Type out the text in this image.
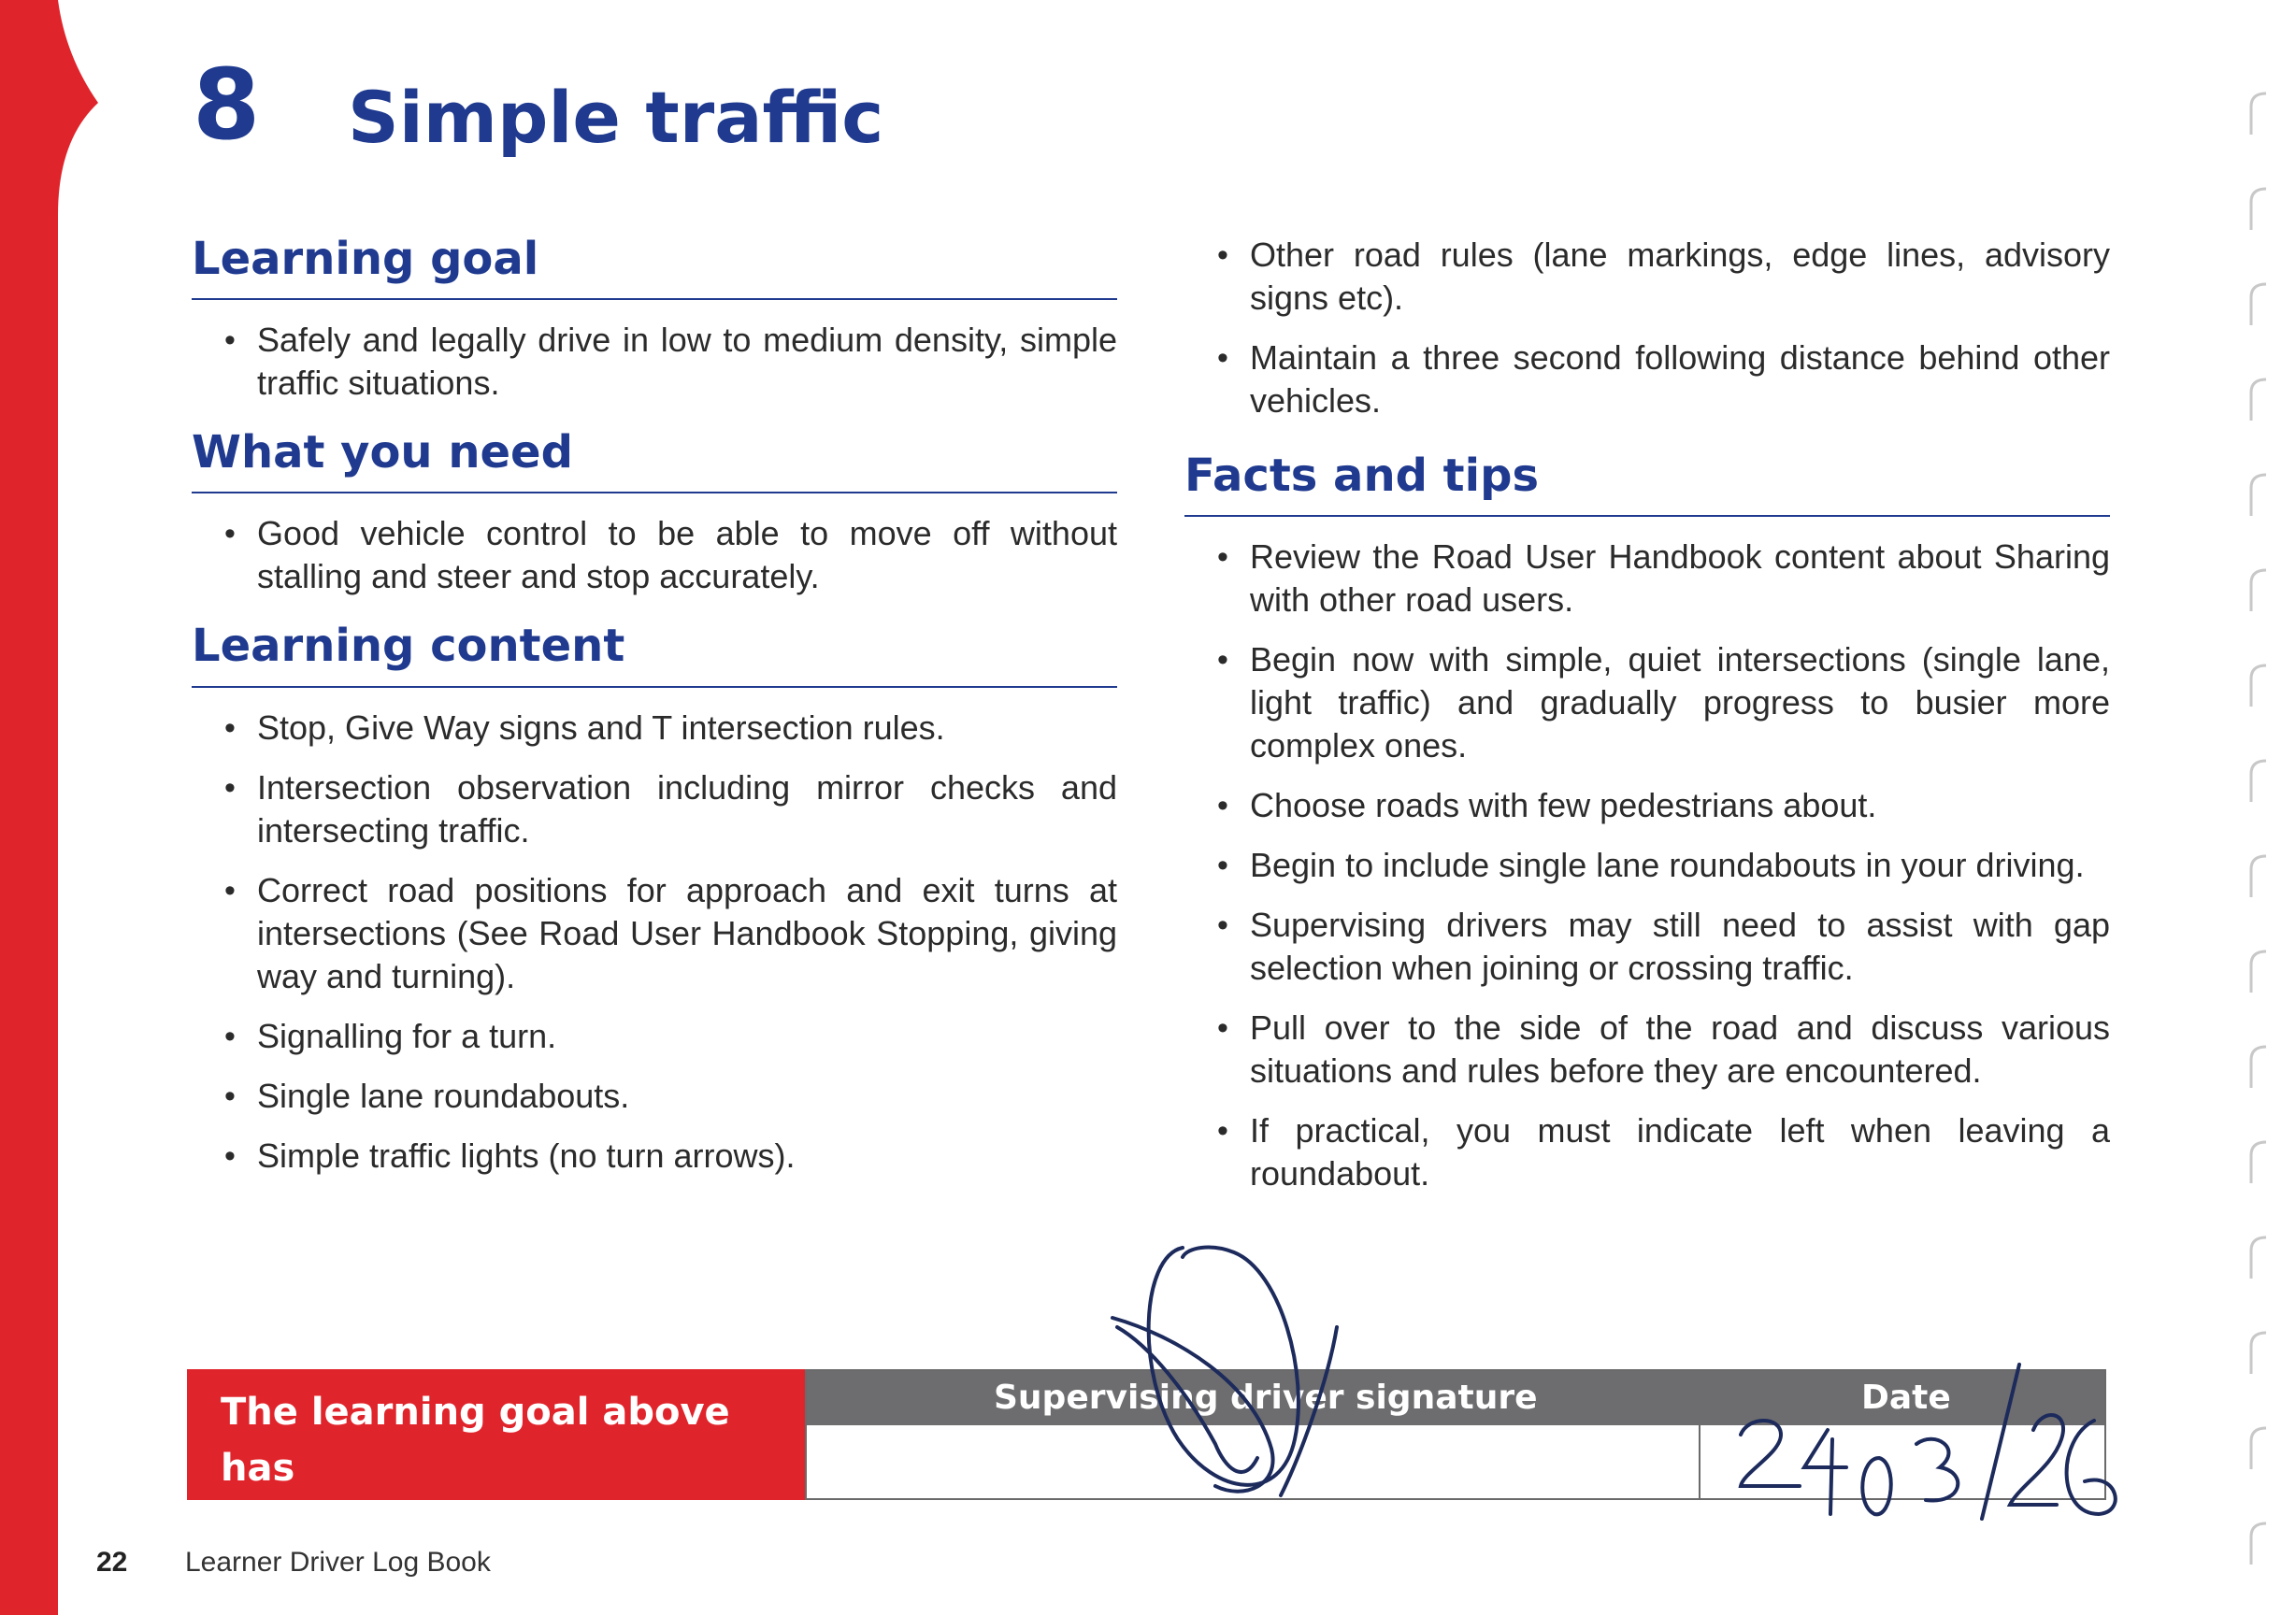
8 Simple traffic
Learning goal
• Safely and legally drive in low to medium density, simple traffic situations.
What you need
• Good vehicle control to be able to move off without stalling and steer and stop accurately.
Learning content
• Stop, Give Way signs and T intersection rules.
• Intersection observation including mirror checks and intersecting traffic.
• Correct road positions for approach and exit turns at intersections (See Road User Handbook Stopping, giving way and turning).
• Signalling for a turn.
• Single lane roundabouts.
• Simple traffic lights (no turn arrows).
• Other road rules (lane markings, edge lines, advisory signs etc).
• Maintain a three second following distance behind other vehicles.
Facts and tips
• Review the Road User Handbook content about Sharing with other road users.
• Begin now with simple, quiet intersections (single lane, light traffic) and gradually progress to busier more complex ones.
• Choose roads with few pedestrians about.
• Begin to include single lane roundabouts in your driving.
• Supervising drivers may still need to assist with gap selection when joining or crossing traffic.
• Pull over to the side of the road and discuss various situations and rules before they are encountered.
• If practical, you must indicate left when leaving a roundabout.
The learning goal above has
been achieved:
Supervising driver signature	Date
22 Learner Driver Log Book
